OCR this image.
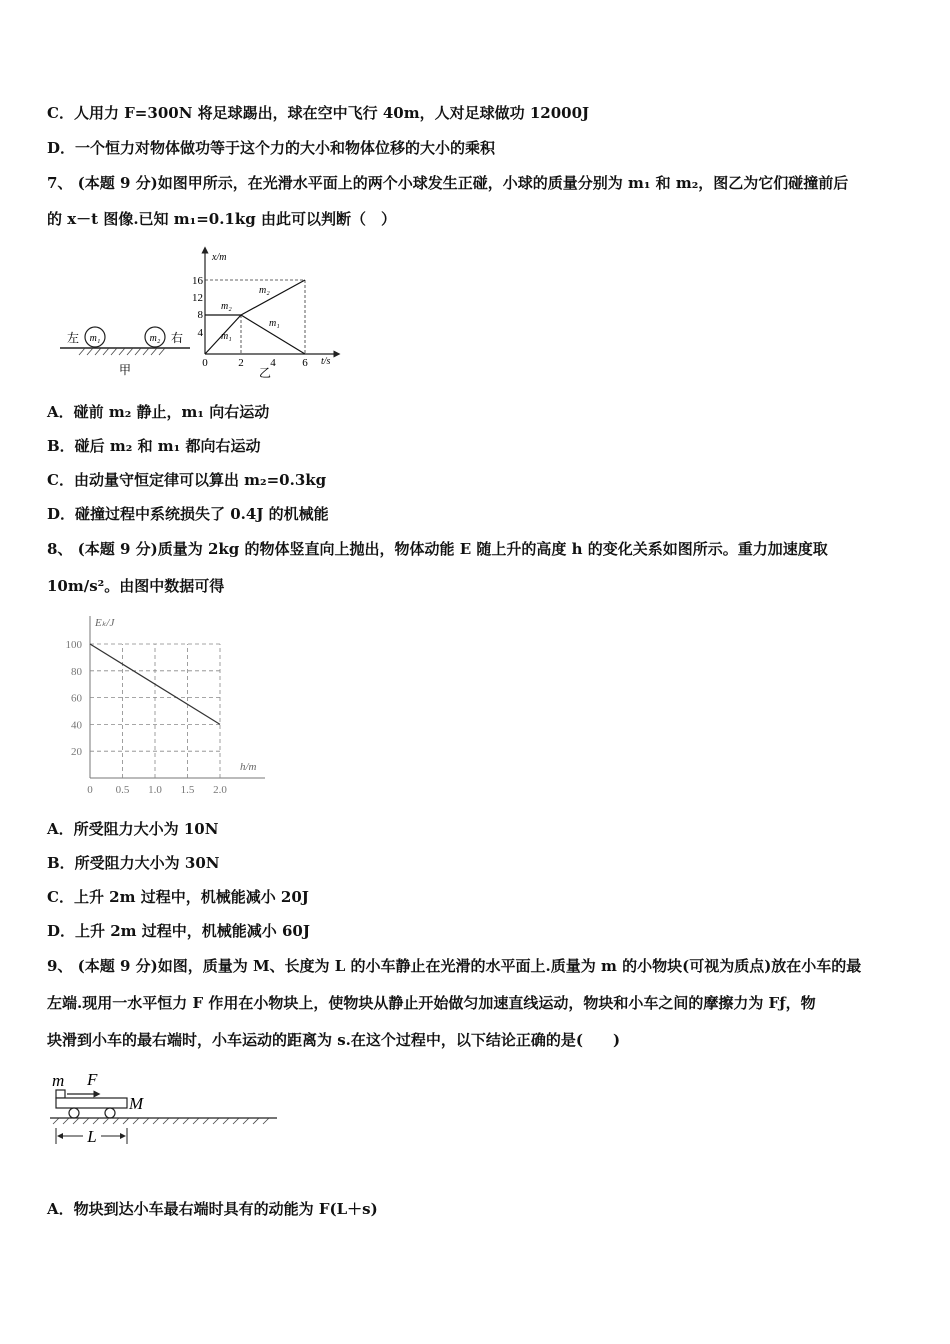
C．人用力 F=300N 将足球踢出，球在空中飞行 40m，人对足球做功 12000J
D．一个恒力对物体做功等于这个力的大小和物体位移的大小的乘积
7、 (本题 9 分)如图甲所示，在光滑水平面上的两个小球发生正碰，小球的质量分别为 m₁ 和 m₂，图乙为它们碰撞前后
的 x－t 图像.已知 m₁=0.1kg 由此可以判断（　）
m₁	m₂
左	右
甲
x/m
t/s
16
12
8
4
0	2 4 6
m₂
m₁
m₂
m₁
乙
A．碰前 m₂ 静止，m₁ 向右运动
B．碰后 m₂ 和 m₁ 都向右运动
C．由动量守恒定律可以算出 m₂=0.3kg
D．碰撞过程中系统损失了 0.4J 的机械能
8、 (本题 9 分)质量为 2kg 的物体竖直向上抛出，物体动能 E 随上升的高度 h 的变化关系如图所示。重力加速度取
10m/s²。由图中数据可得
Eₖ/J
h/m
100
80
60
40
20
0 0.5 1.0 1.5 2.0
A．所受阻力大小为 10N
B．所受阻力大小为 30N
C．上升 2m 过程中，机械能减小 20J
D．上升 2m 过程中，机械能减小 60J
9、 (本题 9 分)如图，质量为 M、长度为 L 的小车静止在光滑的水平面上.质量为 m 的小物块(可视为质点)放在小车的最
左端.现用一水平恒力 F 作用在小物块上，使物块从静止开始做匀加速直线运动，物块和小车之间的摩擦力为 Fƒ，物
块滑到小车的最右端时，小车运动的距离为 s.在这个过程中，以下结论正确的是(　　)
m F
M
L
A．物块到达小车最右端时具有的动能为 F(L＋s)
